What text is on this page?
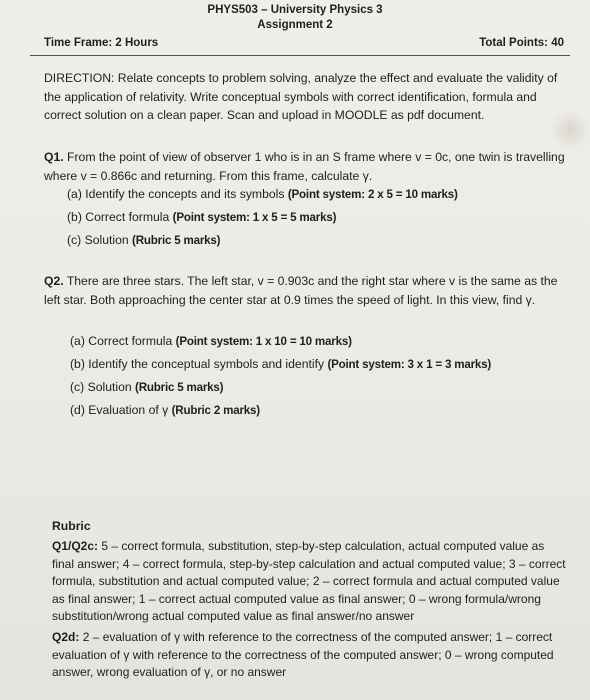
PHYS503 – University Physics 3
Assignment 2
Time Frame: 2 Hours	Total Points: 40
DIRECTION: Relate concepts to problem solving, analyze the effect and evaluate the validity of the application of relativity. Write conceptual symbols with correct identification, formula and correct solution on a clean paper. Scan and upload in MOODLE as pdf document.
Q1. From the point of view of observer 1 who is in an S frame where v = 0c, one twin is travelling where v = 0.866c and returning. From this frame, calculate γ.
(a) Identify the concepts and its symbols (Point system: 2 x 5 = 10 marks)
(b) Correct formula (Point system: 1 x 5 = 5 marks)
(c) Solution (Rubric 5 marks)
Q2. There are three stars. The left star, v = 0.903c and the right star where v is the same as the left star. Both approaching the center star at 0.9 times the speed of light. In this view, find γ.
(a) Correct formula (Point system: 1 x 10 = 10 marks)
(b) Identify the conceptual symbols and identify (Point system: 3 x 1 = 3 marks)
(c) Solution (Rubric 5 marks)
(d) Evaluation of γ (Rubric 2 marks)
Rubric
Q1/Q2c: 5 – correct formula, substitution, step-by-step calculation, actual computed value as final answer; 4 – correct formula, step-by-step calculation and actual computed value; 3 – correct formula, substitution and actual computed value; 2 – correct formula and actual computed value as final answer; 1 – correct actual computed value as final answer; 0 – wrong formula/wrong substitution/wrong actual computed value as final answer/no answer
Q2d: 2 – evaluation of γ with reference to the correctness of the computed answer; 1 – correct evaluation of γ with reference to the correctness of the computed answer; 0 – wrong computed answer, wrong evaluation of γ, or no answer
